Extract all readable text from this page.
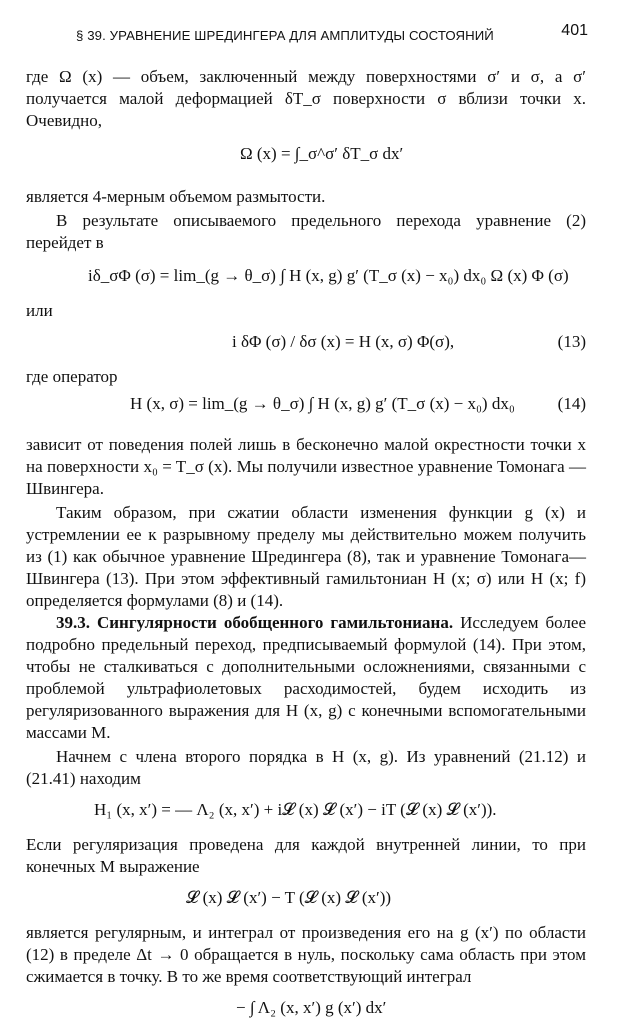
§ 39. УРАВНЕНИЕ ШРЕДИНГЕРА ДЛЯ АМПЛИТУДЫ СОСТОЯНИЙ	401

где Ω (x) — объем, заключенный между поверхностями σ′ и σ, а σ′ получается малой деформацией δT_σ поверхности σ вблизи точки x. Очевидно,

Ω (x) = ∫_σ^σ′ δT_σ dx′

является 4-мерным объемом размытости.

В результате описываемого предельного перехода уравнение (2) перейдет в

iδ_σΦ (σ) = lim_(g → θ_σ) ∫ H (x, g) g′ (T_σ (x) − x₀) dx₀ Ω (x) Φ (σ)

или

i δΦ (σ) / δσ (x) = H (x, σ) Φ(σ),	(13)

где оператор

H (x, σ) = lim_(g → θ_σ) ∫ H (x, g) g′ (T_σ (x) − x₀) dx₀	(14)

зависит от поведения полей лишь в бесконечно малой окрестности точки x на поверхности x₀ = T_σ (x). Мы получили известное уравнение Томонага — Швингера.

Таким образом, при сжатии области изменения функции g (x) и устремлении ее к разрывному пределу мы действительно можем получить из (1) как обычное уравнение Шредингера (8), так и уравнение Томонага—Швингера (13). При этом эффективный гамильтониан H (x; σ) или H (x; f) определяется формулами (8) и (14).

39.3. Сингулярности обобщенного гамильтониана. Исследуем более подробно предельный переход, предписываемый формулой (14). При этом, чтобы не сталкиваться с дополнительными осложнениями, связанными с проблемой ультрафиолетовых расходимостей, будем исходить из регуляризованного выражения для H (x, g) с конечными вспомогательными массами M.

Начнем с члена второго порядка в H (x, g). Из уравнений (21.12) и (21.41) находим

H₁ (x, x′) = — Λ₂ (x, x′) + i𝓛 (x) 𝓛 (x′) − iT (𝓛 (x) 𝓛 (x′)).

Если регуляризация проведена для каждой внутренней линии, то при конечных M выражение

𝓛 (x) 𝓛 (x′) − T (𝓛 (x) 𝓛 (x′))

является регулярным, и интеграл от произведения его на g (x′) по области (12) в пределе Δt → 0 обращается в нуль, поскольку сама область при этом сжимается в точку. В то же время соответствующий интеграл

− ∫ Λ₂ (x, x′) g (x′) dx′
